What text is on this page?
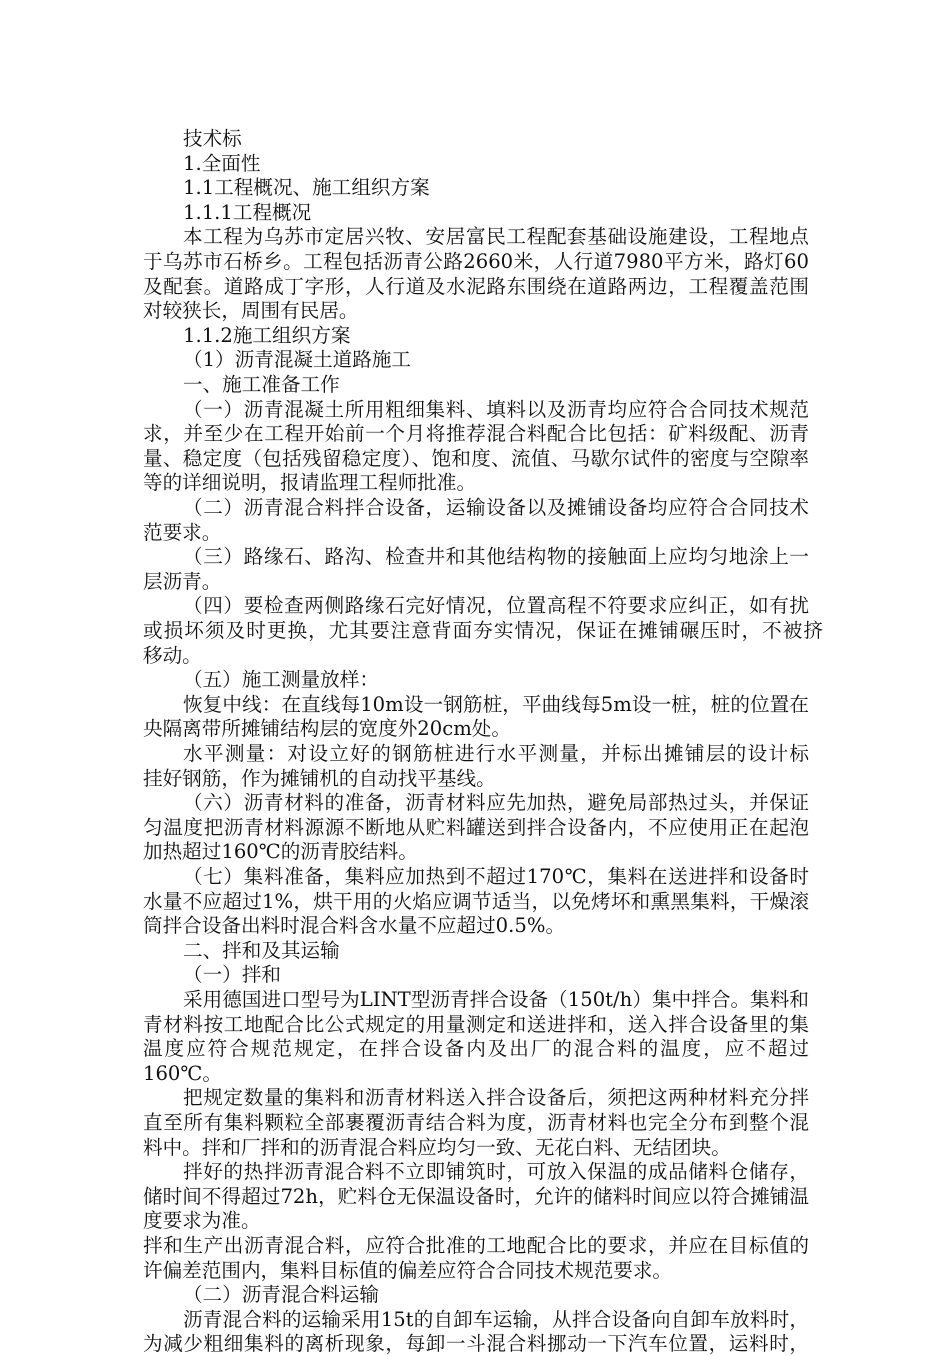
技术标
1.全面性
1.1工程概况、施工组织方案
1.1.1工程概况
本工程为乌苏市定居兴牧、安居富民工程配套基础设施建设，工程地点
于乌苏市石桥乡。工程包括沥青公路2660米，人行道7980平方米，路灯60
及配套。道路成丁字形，人行道及水泥路东围绕在道路两边，工程覆盖范围
对较狭长，周围有民居。
1.1.2施工组织方案
（1）沥青混凝土道路施工
一、施工准备工作
（一）沥青混凝土所用粗细集料、填料以及沥青均应符合合同技术规范
求，并至少在工程开始前一个月将推荐混合料配合比包括：矿料级配、沥青
量、稳定度（包括残留稳定度）、饱和度、流值、马歇尔试件的密度与空隙率
等的详细说明，报请监理工程师批准。
（二）沥青混合料拌合设备，运输设备以及摊铺设备均应符合合同技术
范要求。
（三）路缘石、路沟、检查井和其他结构物的接触面上应均匀地涂上一
层沥青。
（四）要检查两侧路缘石完好情况，位置高程不符要求应纠正，如有扰
或损坏须及时更换，尤其要注意背面夯实情况，保证在摊铺碾压时，不被挤
移动。
（五）施工测量放样：
恢复中线：在直线每10m设一钢筋桩，平曲线每5m设一桩，桩的位置在
央隔离带所摊铺结构层的宽度外20cm处。
水平测量：对设立好的钢筋桩进行水平测量，并标出摊铺层的设计标
挂好钢筋，作为摊铺机的自动找平基线。
（六）沥青材料的准备，沥青材料应先加热，避免局部热过头，并保证
匀温度把沥青材料源源不断地从贮料罐送到拌合设备内，不应使用正在起泡
加热超过160℃的沥青胶结料。
（七）集料准备，集料应加热到不超过170℃，集料在送进拌和设备时
水量不应超过1%，烘干用的火焰应调节适当，以免烤坏和熏黑集料，干燥滚
筒拌合设备出料时混合料含水量不应超过0.5%。
二、拌和及其运输
（一）拌和
采用德国进口型号为LINT型沥青拌合设备（150t/h）集中拌合。集料和
青材料按工地配合比公式规定的用量测定和送进拌和，送入拌合设备里的集
温度应符合规范规定，在拌合设备内及出厂的混合料的温度，应不超过
160℃。
把规定数量的集料和沥青材料送入拌合设备后，须把这两种材料充分拌
直至所有集料颗粒全部裹覆沥青结合料为度，沥青材料也完全分布到整个混
料中。拌和厂拌和的沥青混合料应均匀一致、无花白料、无结团块。
拌好的热拌沥青混合料不立即铺筑时，可放入保温的成品储料仓储存，
储时间不得超过72h，贮料仓无保温设备时，允许的储料时间应以符合摊铺温
度要求为准。
拌和生产出沥青混合料，应符合批准的工地配合比的要求，并应在目标值的
许偏差范围内，集料目标值的偏差应符合合同技术规范要求。
（二）沥青混合料运输
沥青混合料的运输采用15t的自卸车运输，从拌合设备向自卸车放料时，
为减少粗细集料的离析现象，每卸一斗混合料挪动一下汽车位置，运料时，
